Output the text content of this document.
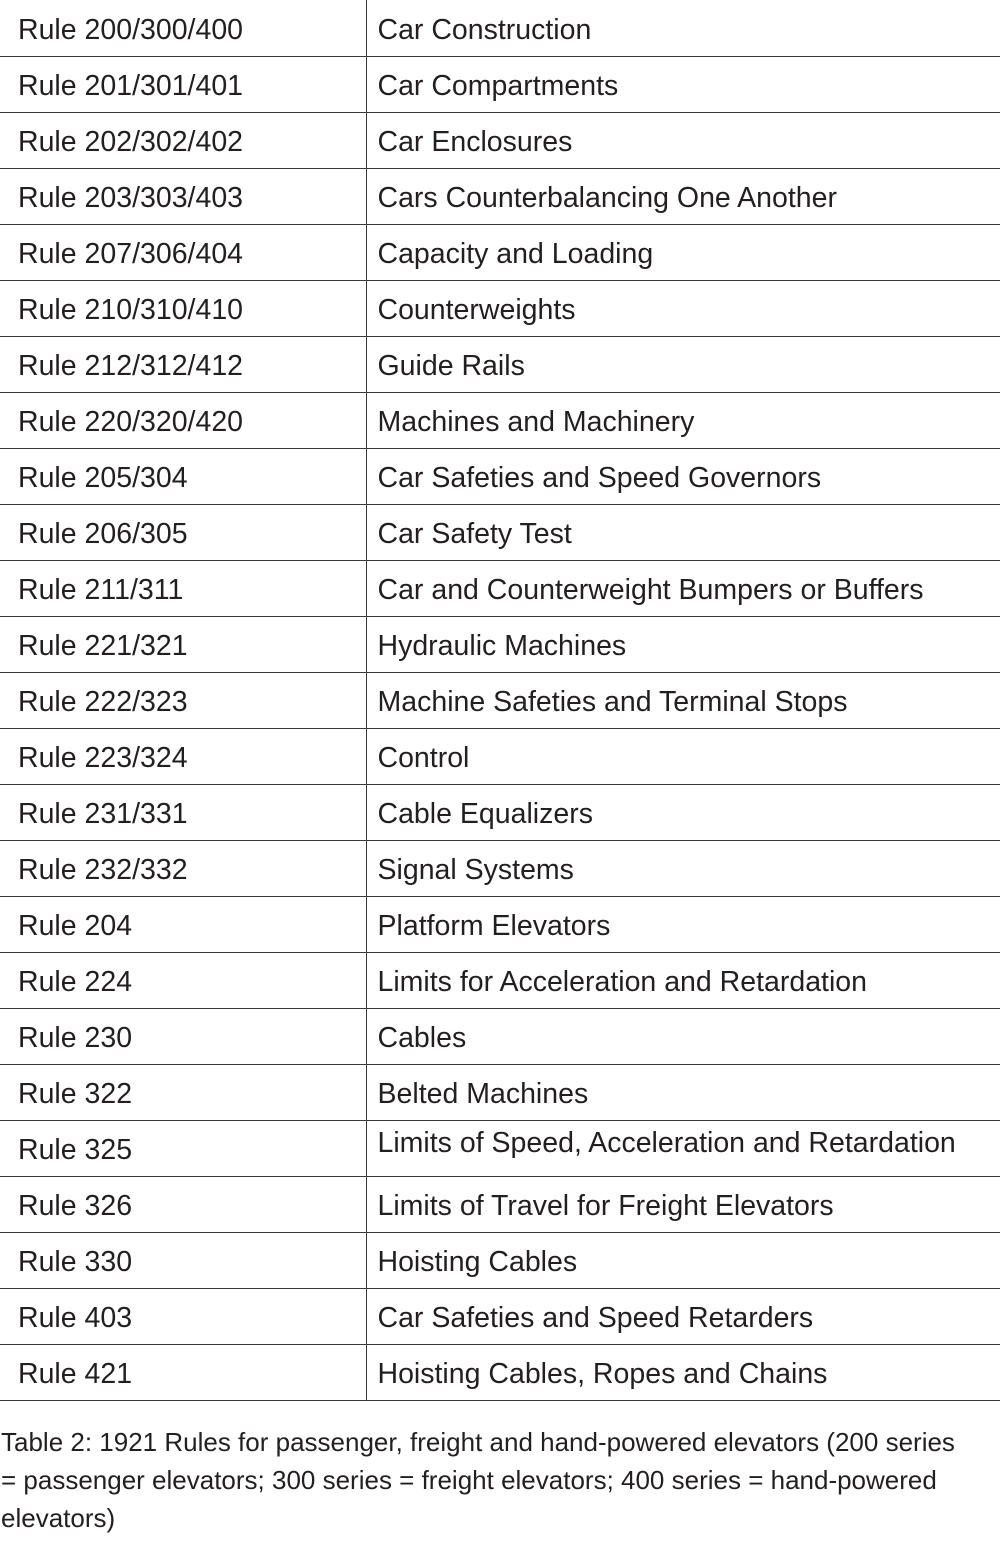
Rule 200/300/400	Car Construction
Rule 201/301/401	Car Compartments
Rule 202/302/402	Car Enclosures
Rule 203/303/403	Cars Counterbalancing One Another
Rule 207/306/404	Capacity and Loading
Rule 210/310/410	Counterweights
Rule 212/312/412	Guide Rails
Rule 220/320/420	Machines and Machinery
Rule 205/304	Car Safeties and Speed Governors
Rule 206/305	Car Safety Test
Rule 211/311	Car and Counterweight Bumpers or Buffers
Rule 221/321	Hydraulic Machines
Rule 222/323	Machine Safeties and Terminal Stops
Rule 223/324	Control
Rule 231/331	Cable Equalizers
Rule 232/332	Signal Systems
Rule 204	Platform Elevators
Rule 224	Limits for Acceleration and Retardation
Rule 230	Cables
Rule 322	Belted Machines
Rule 325	Limits of Speed, Acceleration and Retardation
Rule 326	Limits of Travel for Freight Elevators
Rule 330	Hoisting Cables
Rule 403	Car Safeties and Speed Retarders
Rule 421	Hoisting Cables, Ropes and Chains

Table 2: 1921 Rules for passenger, freight and hand-powered elevators (200 series = passenger elevators; 300 series = freight elevators; 400 series = hand-powered elevators)
